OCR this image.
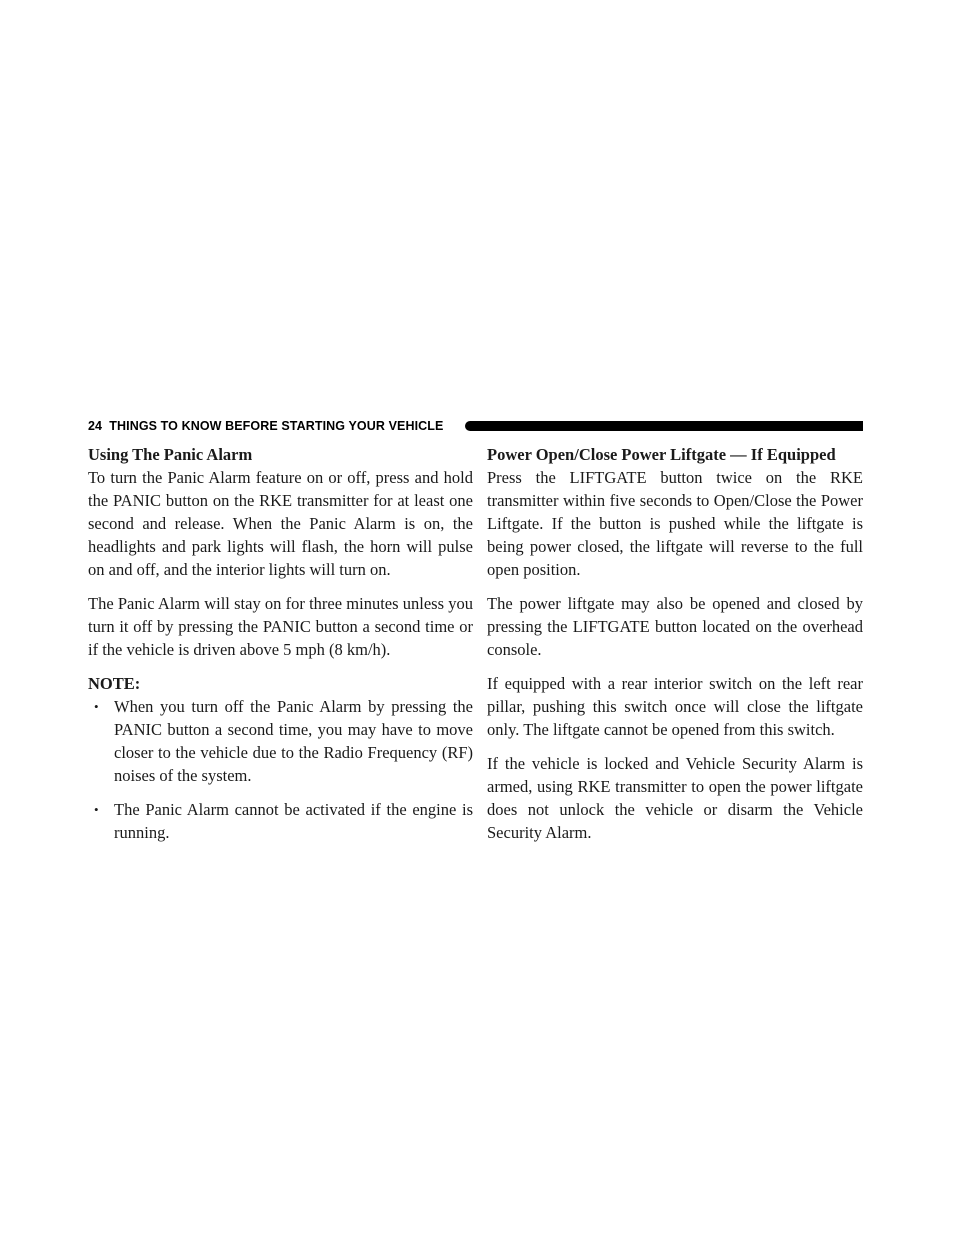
24 THINGS TO KNOW BEFORE STARTING YOUR VEHICLE

Using The Panic Alarm

To turn the Panic Alarm feature on or off, press and hold the PANIC button on the RKE transmitter for at least one second and release. When the Panic Alarm is on, the headlights and park lights will flash, the horn will pulse on and off, and the interior lights will turn on.

The Panic Alarm will stay on for three minutes unless you turn it off by pressing the PANIC button a second time or if the vehicle is driven above 5 mph (8 km/h).

NOTE:

• When you turn off the Panic Alarm by pressing the PANIC button a second time, you may have to move closer to the vehicle due to the Radio Frequency (RF) noises of the system.
• The Panic Alarm cannot be activated if the engine is running.

Power Open/Close Power Liftgate — If Equipped

Press the LIFTGATE button twice on the RKE transmitter within five seconds to Open/Close the Power Liftgate. If the button is pushed while the liftgate is being power closed, the liftgate will reverse to the full open position.

The power liftgate may also be opened and closed by pressing the LIFTGATE button located on the overhead console.

If equipped with a rear interior switch on the left rear pillar, pushing this switch once will close the liftgate only. The liftgate cannot be opened from this switch.

If the vehicle is locked and Vehicle Security Alarm is armed, using RKE transmitter to open the power liftgate does not unlock the vehicle or disarm the Vehicle Security Alarm.
